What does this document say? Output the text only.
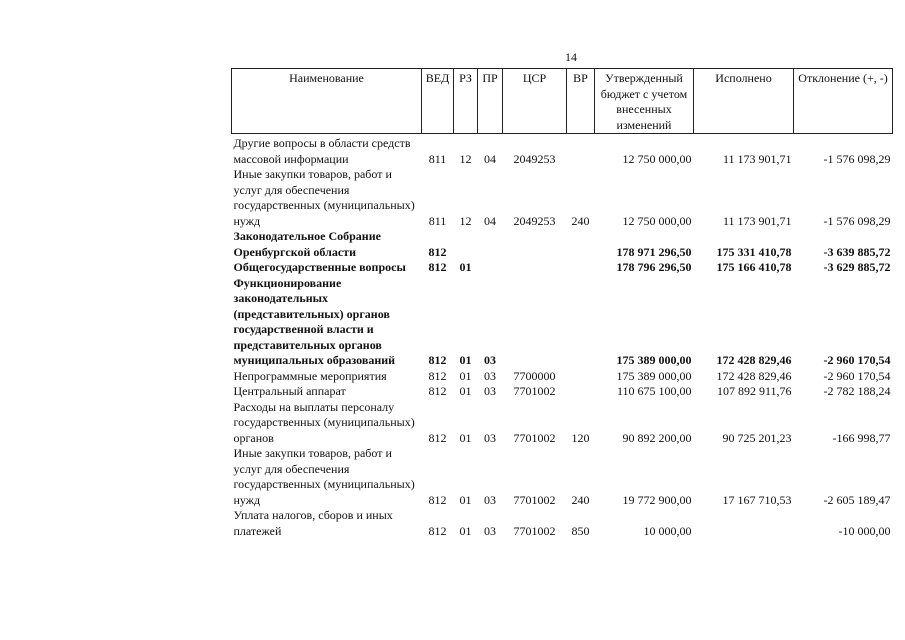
14
Наименование	ВЕД	РЗ	ПР	ЦСР	ВР	Утвержденный бюджет с учетом внесенных изменений	Исполнено	Отклонение (+, -)
Другие вопросы в области средств массовой информации	811	12	04	2049253		12 750 000,00	11 173 901,71	-1 576 098,29
Иные закупки товаров, работ и услуг для обеспечения государственных (муниципальных) нужд	811	12	04	2049253	240	12 750 000,00	11 173 901,71	-1 576 098,29
Законодательное Собрание Оренбургской области	812					178 971 296,50	175 331 410,78	-3 639 885,72
Общегосударственные вопросы	812	01				178 796 296,50	175 166 410,78	-3 629 885,72
Функционирование законодательных (представительных) органов государственной власти и представительных органов муниципальных образований	812	01	03			175 389 000,00	172 428 829,46	-2 960 170,54
Непрограммные мероприятия	812	01	03	7700000		175 389 000,00	172 428 829,46	-2 960 170,54
Центральный аппарат	812	01	03	7701002		110 675 100,00	107 892 911,76	-2 782 188,24
Расходы на выплаты персоналу государственных (муниципальных) органов	812	01	03	7701002	120	90 892 200,00	90 725 201,23	-166 998,77
Иные закупки товаров, работ и услуг для обеспечения государственных (муниципальных) нужд	812	01	03	7701002	240	19 772 900,00	17 167 710,53	-2 605 189,47
Уплата налогов, сборов и иных платежей	812	01	03	7701002	850	10 000,00		-10 000,00
